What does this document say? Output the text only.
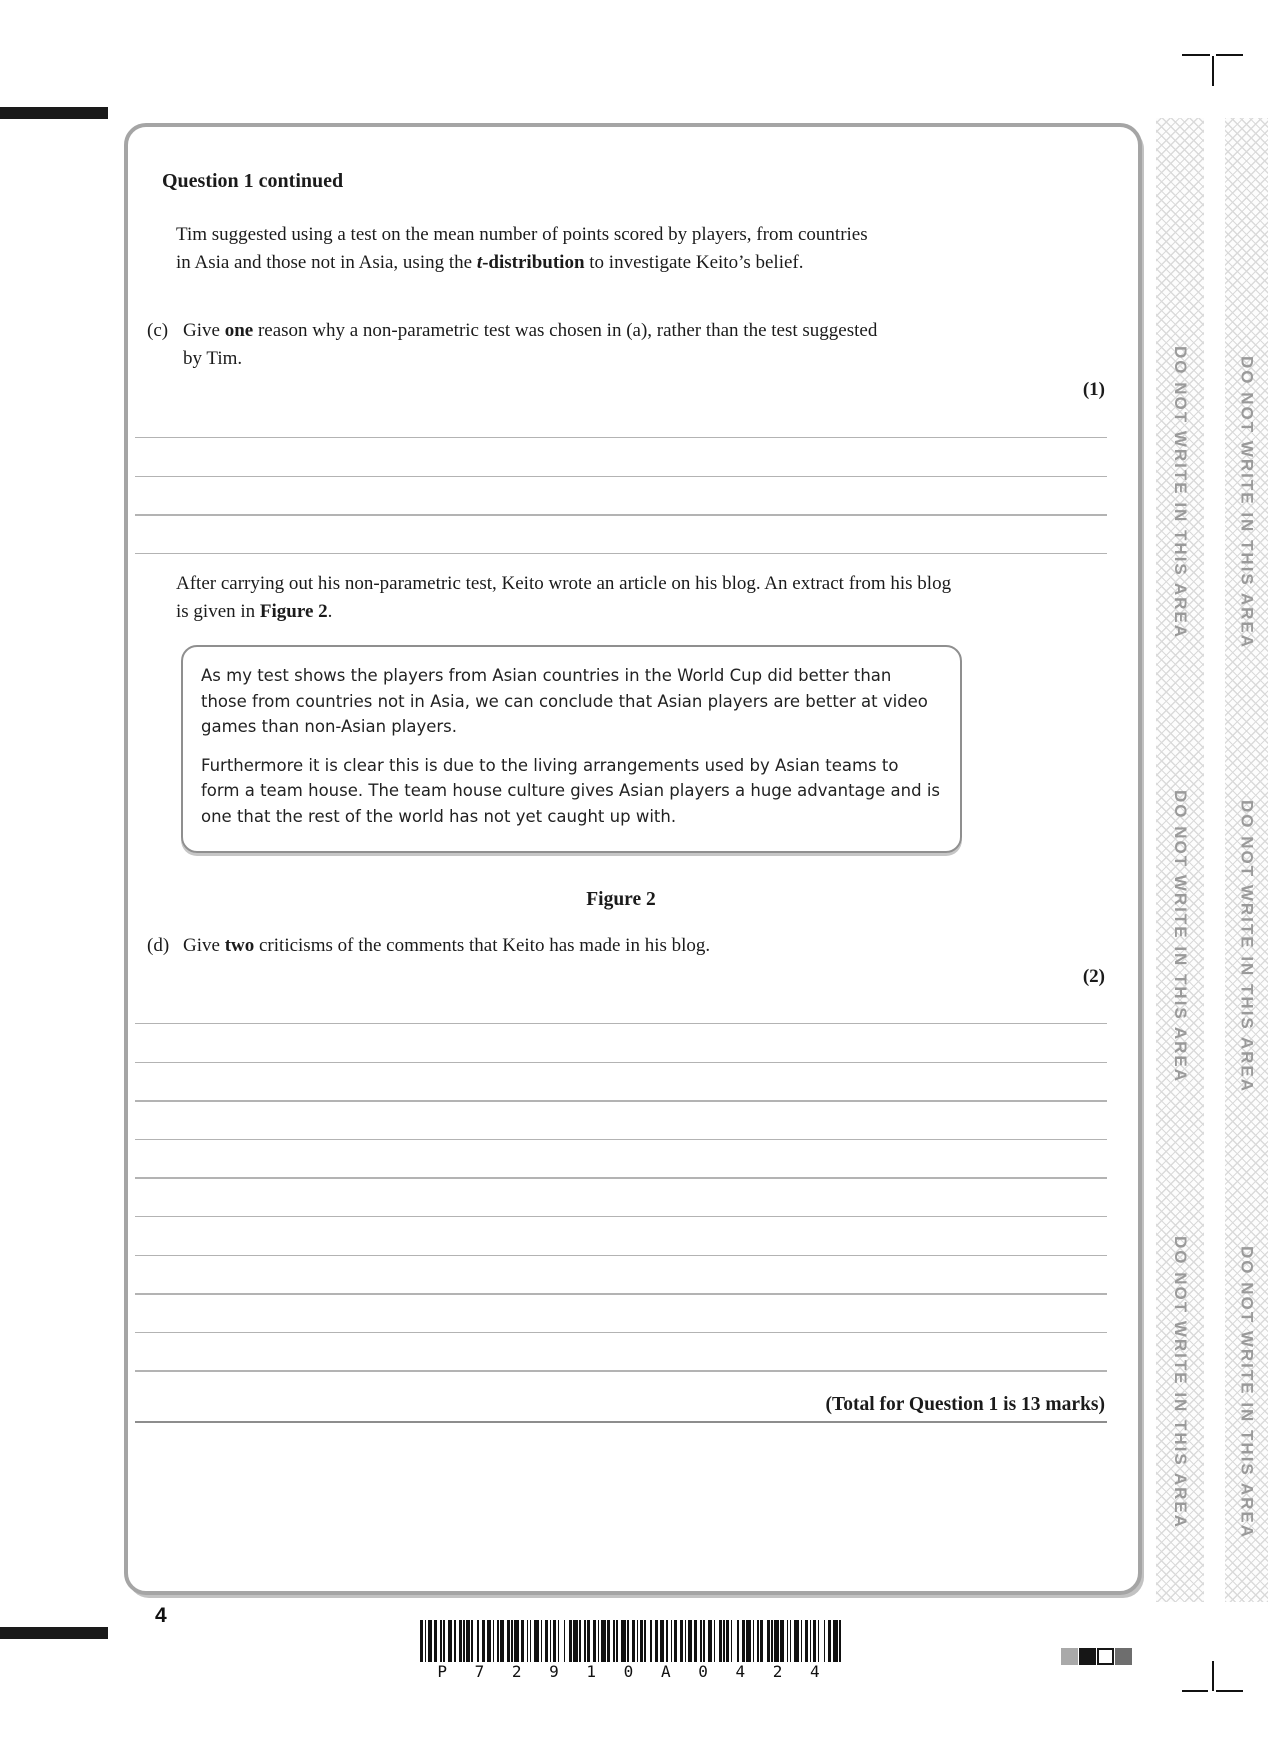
Question 1 continued
Tim suggested using a test on the mean number of points scored by players, from countries in Asia and those not in Asia, using the t-distribution to investigate Keito’s belief.
(c) Give one reason why a non-parametric test was chosen in (a), rather than the test suggested by Tim.
(1)
After carrying out his non-parametric test, Keito wrote an article on his blog. An extract from his blog is given in Figure 2.

As my test shows the players from Asian countries in the World Cup did better than those from countries not in Asia, we can conclude that Asian players are better at video games than non-Asian players.

Furthermore it is clear this is due to the living arrangements used by Asian teams to form a team house. The team house culture gives Asian players a huge advantage and is one that the rest of the world has not yet caught up with.

Figure 2
(d) Give two criticisms of the comments that Keito has made in his blog.
(2)
(Total for Question 1 is 13 marks)
4
P 7 2 9 1 0 A 0 4 2 4
DO NOT WRITE IN THIS AREA
DO NOT WRITE IN THIS AREA
DO NOT WRITE IN THIS AREA
DO NOT WRITE IN THIS AREA
DO NOT WRITE IN THIS AREA
DO NOT WRITE IN THIS AREA
